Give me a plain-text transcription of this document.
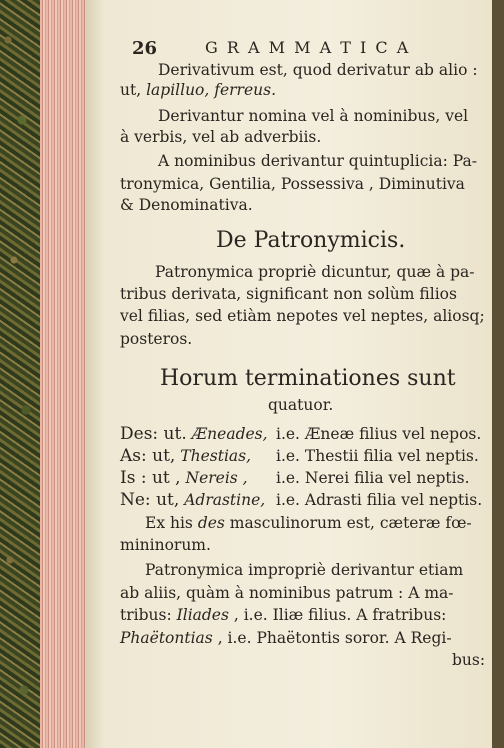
26	G R A M M A T I C A
Derivativum est, quod derivatur ab alio :
ut, lapilluo, ferreus.
Derivantur nomina vel à nominibus, vel
à verbis, vel ab adverbiis.
A nominibus derivantur quintuplicia: Pa-
tronymica, Gentilia, Possessiva , Diminutiva
& Denominativa.
De Patronymicis.
Patronymica propriè dicuntur, quæ à pa-
tribus derivata, significant non solùm filios
vel filias, sed etiàm nepotes vel neptes, aliosq;
posteros.
Horum terminationes sunt
quatuor.
Des: ut. Æneades, i.e. Æneæ filius vel nepos.
As: ut, Thestias, i.e. Thestii filia vel neptis.
Is : ut , Nereis , i.e. Nerei filia vel neptis.
Ne: ut, Adrastine, i.e. Adrasti filia vel neptis.
Ex his des masculinorum est, cæteræ fœ-
mininorum.
Patronymica impropriè derivantur etiam
ab aliis, quàm à nominibus patrum : A ma-
tribus: Iliades , i.e. Iliæ filius. A fratribus:
Phaëtontias , i.e. Phaëtontis soror. A Regi-
bus:
